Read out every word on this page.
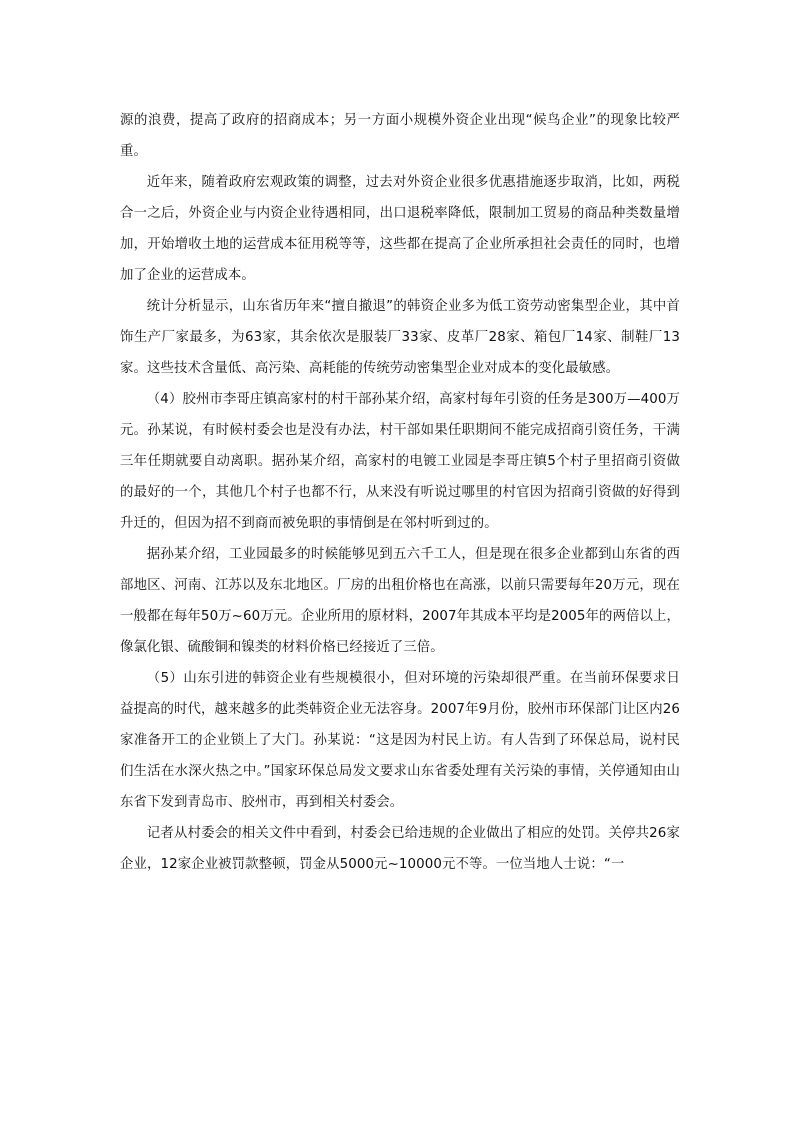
源的浪费，提高了政府的招商成本；另一方面小规模外资企业出现“候鸟企业”的现象比较严重。

近年来，随着政府宏观政策的调整，过去对外资企业很多优惠措施逐步取消，比如，两税合一之后，外资企业与内资企业待遇相同，出口退税率降低，限制加工贸易的商品种类数量增加，开始增收土地的运营成本征用税等等，这些都在提高了企业所承担社会责任的同时，也增加了企业的运营成本。

统计分析显示，山东省历年来“擅自撤退”的韩资企业多为低工资劳动密集型企业，其中首饰生产厂家最多，为63家，其余依次是服装厂33家、皮革厂28家、箱包厂14家、制鞋厂13家。这些技术含量低、高污染、高耗能的传统劳动密集型企业对成本的变化最敏感。

（4）胶州市李哥庄镇高家村的村干部孙某介绍，高家村每年引资的任务是300万—400万元。孙某说，有时候村委会也是没有办法，村干部如果任职期间不能完成招商引资任务，干满三年任期就要自动离职。据孙某介绍，高家村的电镀工业园是李哥庄镇5个村子里招商引资做的最好的一个，其他几个村子也都不行，从来没有听说过哪里的村官因为招商引资做的好得到升迁的，但因为招不到商而被免职的事情倒是在邻村听到过的。

据孙某介绍，工业园最多的时候能够见到五六千工人，但是现在很多企业都到山东省的西部地区、河南、江苏以及东北地区。厂房的出租价格也在高涨，以前只需要每年20万元，现在一般都在每年50万~60万元。企业所用的原材料，2007年其成本平均是2005年的两倍以上，像氯化银、硫酸铜和镍类的材料价格已经接近了三倍。

（5）山东引进的韩资企业有些规模很小，但对环境的污染却很严重。在当前环保要求日益提高的时代，越来越多的此类韩资企业无法容身。2007年9月份，胶州市环保部门让区内26家准备开工的企业锁上了大门。孙某说：“这是因为村民上访。有人告到了环保总局，说村民们生活在水深火热之中。”国家环保总局发文要求山东省委处理有关污染的事情，关停通知由山东省下发到青岛市、胶州市，再到相关村委会。

记者从村委会的相关文件中看到，村委会已给违规的企业做出了相应的处罚。关停共26家企业，12家企业被罚款整顿，罚金从5000元~10000元不等。一位当地人士说：“一
